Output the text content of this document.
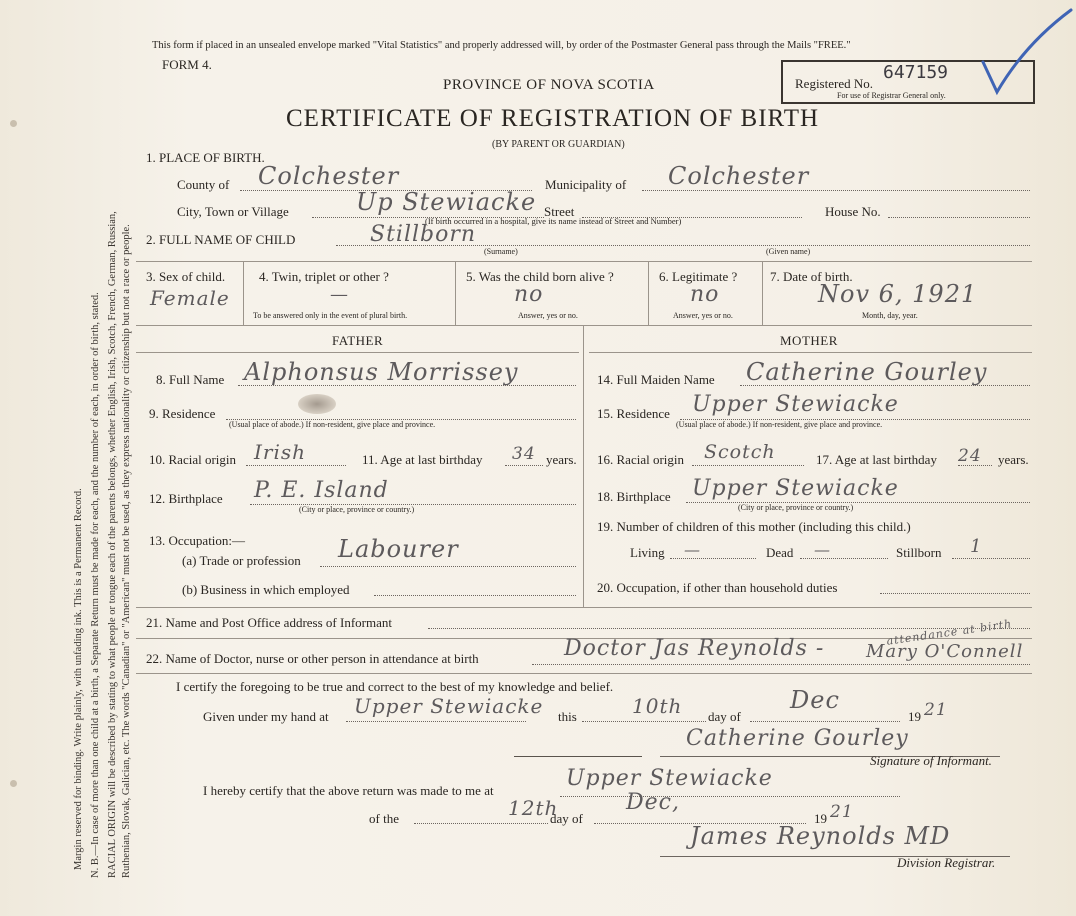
Margin reserved for binding. Write plainly, with unfading ink. This is a Permanent Record. N. B.—In case of more than one child at a birth, a Separate Return must be made for each, and the number of each, in order of birth, stated. RACIAL ORIGIN will be described by stating to what people or tongue each of the parents belongs, whether English, Irish, Scotch, French, German, Russian, Ruthenian, Slovak, Galician, etc. The words "Canadian" or "American" must not be used, as they express nationality or citizenship but not a race or people.
This form if placed in an unsealed envelope marked "Vital Statistics" and properly addressed will, by order of the Postmaster General pass through the Mails "FREE."
FORM 4.
PROVINCE OF NOVA SCOTIA
CERTIFICATE OF REGISTRATION OF BIRTH
(BY PARENT OR GUARDIAN)
Registered No.
647159
For use of Registrar General only.
1. PLACE OF BIRTH.
County of Colchester	Municipality of Colchester
City, Town or Village	Up Stewiacke Street	House No.
(If birth occurred in a hospital, give its name instead of Street and Number)
2. FULL NAME OF CHILD	Stillborn
(Surname)	(Given name)
3. Sex of child.
Female
4. Twin, triplet or other ?
—
To be answered only in the event of plural birth.
5. Was the child born alive ?
no
Answer, yes or no.
6. Legitimate ?
no
Answer, yes or no.
7. Date of birth.
Nov 6, 1921
Month, day, year.
FATHER	MOTHER
8. Full Name Alphonsus Morrissey
9. Residence
(Usual place of abode.) If non-resident, give place and province.
10. Racial origin Irish	11. Age at last birthday 34 years.
12. Birthplace P. E. Island
(City or place, province or country.)
13. Occupation:—
(a) Trade or profession Labourer
(b) Business in which employed
14. Full Maiden Name Catherine Gourley
15. Residence Upper Stewiacke
(Usual place of abode.) If non-resident, give place and province.
16. Racial origin Scotch	17. Age at last birthday 24 years.
18. Birthplace Upper Stewiacke
(City or place, province or country.)
19. Number of children of this mother (including this child.)
Living —	Dead —	Stillborn 1
20. Occupation, if other than household duties
21. Name and Post Office address of Informant
22. Name of Doctor, nurse or other person in attendance at birth	Doctor Jas Reynolds -
attendance at birth
Mary O'Connell
I certify the foregoing to be true and correct to the best of my knowledge and belief.
Given under my hand at Upper Stewiacke this	10th day of
Dec
19 21
Catherine Gourley
Signature of Informant.
I hereby certify that the above return was made to me at	Upper Stewiacke
of the	12th
day of
Dec,
19 21
James Reynolds MD
Division Registrar.
